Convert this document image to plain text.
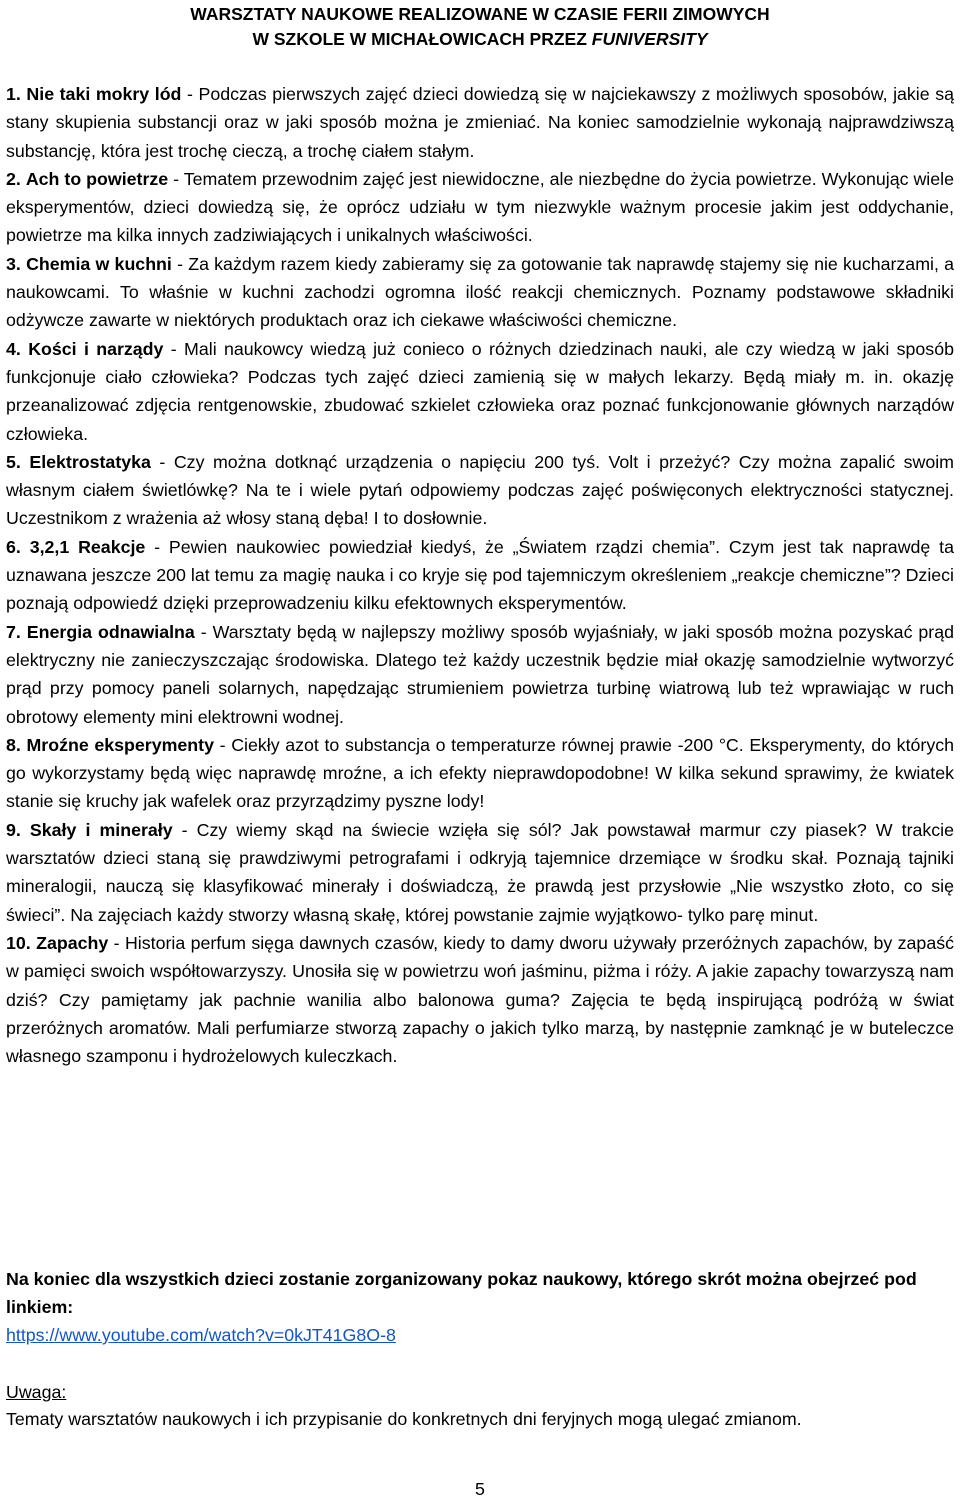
WARSZTATY NAUKOWE REALIZOWANE W CZASIE FERII ZIMOWYCH
W SZKOLE W MICHAŁOWICACH PRZEZ FUNIVERSITY

1. Nie taki mokry lód - Podczas pierwszych zajęć dzieci dowiedzą się w najciekawszy z możliwych sposobów, jakie są stany skupienia substancji oraz w jaki sposób można je zmieniać. Na koniec samodzielnie wykonają najprawdziwszą substancję, która jest trochę cieczą, a trochę ciałem stałym.

2. Ach to powietrze - Tematem przewodnim zajęć jest niewidoczne, ale niezbędne do życia powietrze. Wykonując wiele eksperymentów, dzieci dowiedzą się, że oprócz udziału w tym niezwykle ważnym procesie jakim jest oddychanie, powietrze ma kilka innych zadziwiających i unikalnych właściwości.

3. Chemia w kuchni - Za każdym razem kiedy zabieramy się za gotowanie tak naprawdę stajemy się nie kucharzami, a naukowcami. To właśnie w kuchni zachodzi ogromna ilość reakcji chemicznych. Poznamy podstawowe składniki odżywcze zawarte w niektórych produktach oraz ich ciekawe właściwości chemiczne.

4. Kości i narządy - Mali naukowcy wiedzą już conieco o różnych dziedzinach nauki, ale czy wiedzą w jaki sposób funkcjonuje ciało człowieka? Podczas tych zajęć dzieci zamienią się w małych lekarzy. Będą miały m. in. okazję przeanalizować zdjęcia rentgenowskie, zbudować szkielet człowieka oraz poznać funkcjonowanie głównych narządów człowieka.

5. Elektrostatyka - Czy można dotknąć urządzenia o napięciu 200 tyś. Volt i przeżyć? Czy można zapalić swoim własnym ciałem świetlówkę? Na te i wiele pytań odpowiemy podczas zajęć poświęconych elektryczności statycznej. Uczestnikom z wrażenia aż włosy staną dęba! I to dosłownie.

6. 3,2,1 Reakcje - Pewien naukowiec powiedział kiedyś, że „Światem rządzi chemia”. Czym jest tak naprawdę ta uznawana jeszcze 200 lat temu za magię nauka i co kryje się pod tajemniczym określeniem „reakcje chemiczne”? Dzieci poznają odpowiedź dzięki przeprowadzeniu kilku efektownych eksperymentów.

7. Energia odnawialna - Warsztaty będą w najlepszy możliwy sposób wyjaśniały, w jaki sposób można pozyskać prąd elektryczny nie zanieczyszczając środowiska. Dlatego też każdy uczestnik będzie miał okazję samodzielnie wytworzyć prąd przy pomocy paneli solarnych, napędzając strumieniem powietrza turbinę wiatrową lub też wprawiając w ruch obrotowy elementy mini elektrowni wodnej.

8. Mroźne eksperymenty - Ciekły azot to substancja o temperaturze równej prawie -200 °C. Eksperymenty, do których go wykorzystamy będą więc naprawdę mroźne, a ich efekty nieprawdopodobne! W kilka sekund sprawimy, że kwiatek stanie się kruchy jak wafelek oraz przyrządzimy pyszne lody!

9. Skały i minerały - Czy wiemy skąd na świecie wzięła się sól? Jak powstawał marmur czy piasek? W trakcie warsztatów dzieci staną się prawdziwymi petrografami i odkryją tajemnice drzemiące w środku skał. Poznają tajniki mineralogii, nauczą się klasyfikować minerały i doświadczą, że prawdą jest przysłowie „Nie wszystko złoto, co się świeci”. Na zajęciach każdy stworzy własną skałę, której powstanie zajmie wyjątkowo- tylko parę minut.

10. Zapachy - Historia perfum sięga dawnych czasów, kiedy to damy dworu używały przeróżnych zapachów, by zapaść w pamięci swoich współtowarzyszy. Unosiła się w powietrzu woń jaśminu, piżma i róży. A jakie zapachy towarzyszą nam dziś? Czy pamiętamy jak pachnie wanilia albo balonowa guma? Zajęcia te będą inspirującą podróżą w świat przeróżnych aromatów. Mali perfumiarze stworzą zapachy o jakich tylko marzą, by następnie zamknąć je w buteleczce własnego szamponu i hydrożelowych kuleczkach.

Na koniec dla wszystkich dzieci zostanie zorganizowany pokaz naukowy, którego skrót można obejrzeć pod linkiem:
https://www.youtube.com/watch?v=0kJT41G8O-8
Uwaga:
Tematy warsztatów naukowych i ich przypisanie do konkretnych dni feryjnych mogą ulegać zmianom.
5
